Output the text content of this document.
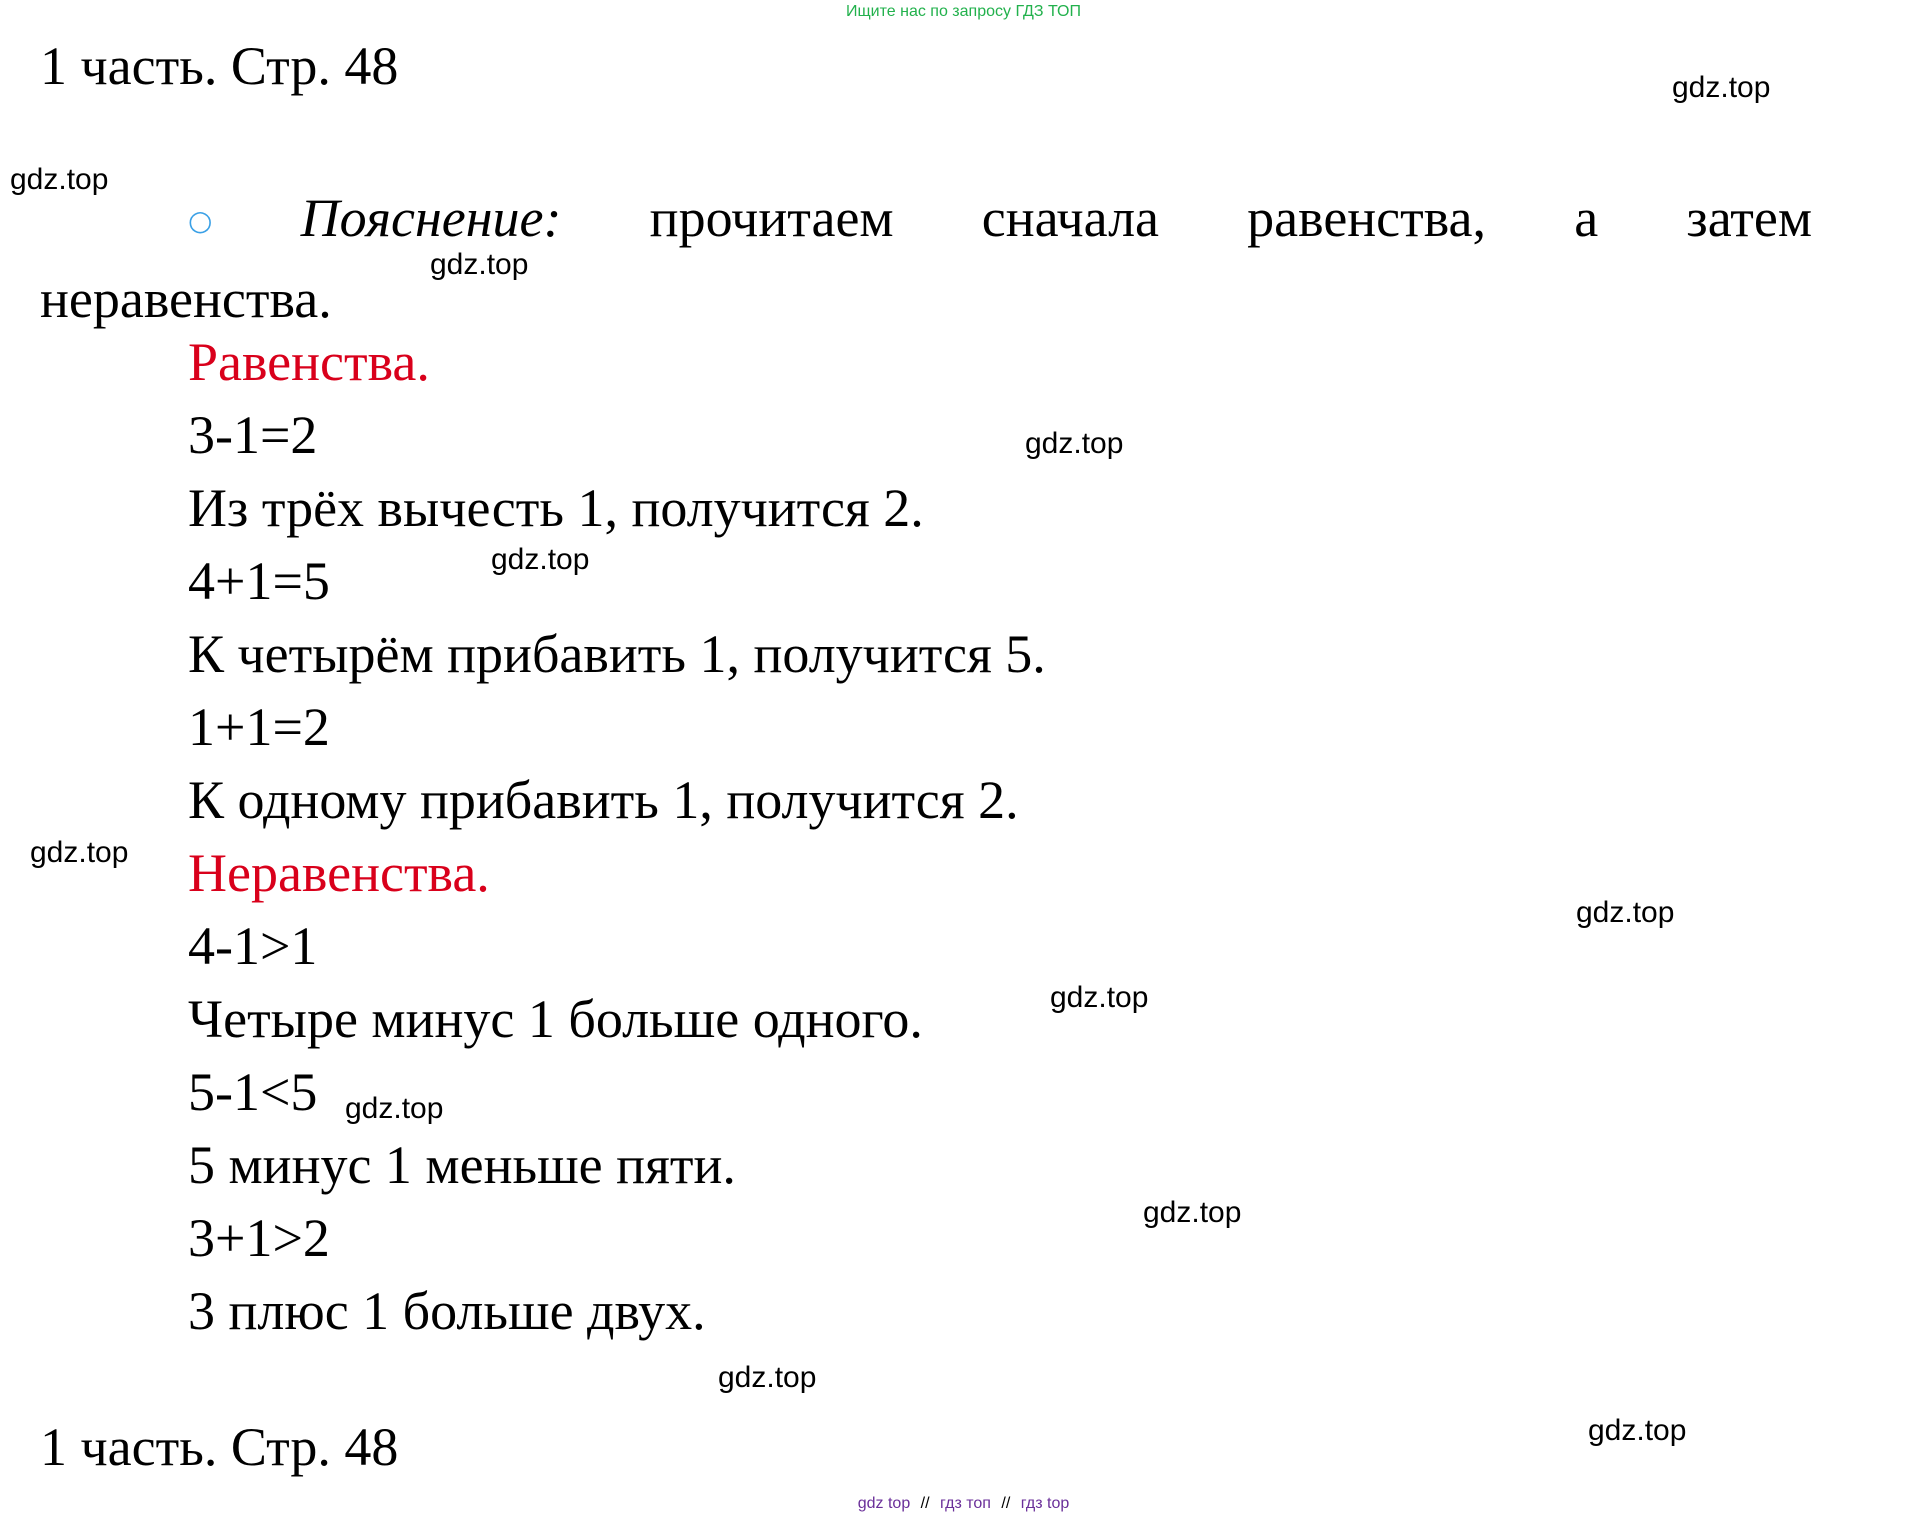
Ищите нас по запросу ГДЗ ТОП
1 часть. Стр. 48
○ Пояснение: прочитаем сначала равенства, а затем
неравенства.
Равенства.
3-1=2
Из трёх вычесть 1, получится 2.
4+1=5
К четырём прибавить 1, получится 5.
1+1=2
К одному прибавить 1, получится 2.
Неравенства.
4-1>1
Четыре минус 1 больше одного.
5-1<5
5 минус 1 меньше пяти.
3+1>2
3 плюс 1 больше двух.
1 часть. Стр. 48
gdz.top
gdz.top
gdz.top
gdz.top
gdz.top
gdz.top
gdz.top
gdz.top
gdz.top
gdz.top
gdz.top
gdz.top
gdz top // гдз топ // гдз top
